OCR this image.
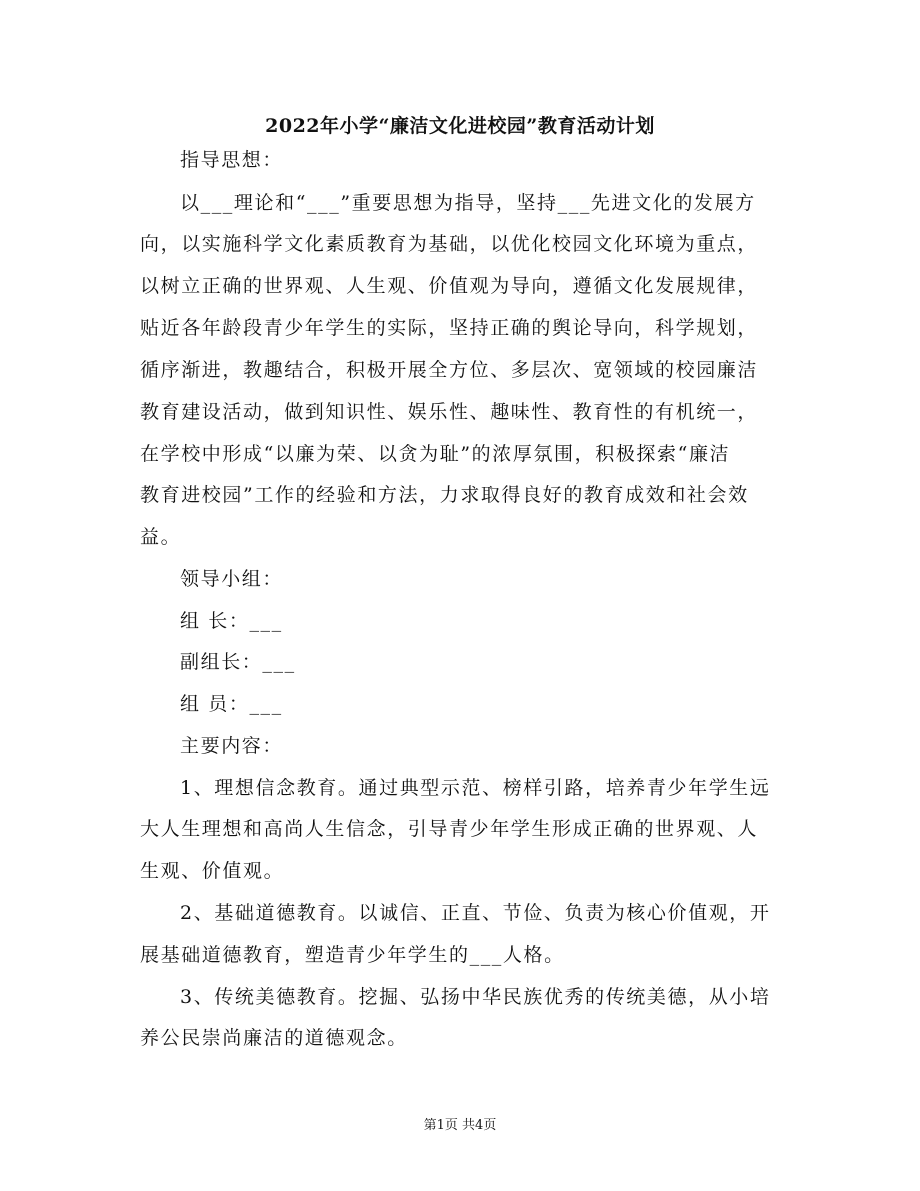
2022年小学“廉洁文化进校园”教育活动计划
指导思想：
以___理论和“___”重要思想为指导，坚持___先进文化的发展方
向，以实施科学文化素质教育为基础，以优化校园文化环境为重点，
以树立正确的世界观、人生观、价值观为导向，遵循文化发展规律，
贴近各年龄段青少年学生的实际，坚持正确的舆论导向，科学规划，
循序渐进，教趣结合，积极开展全方位、多层次、宽领域的校园廉洁
教育建设活动，做到知识性、娱乐性、趣味性、教育性的有机统一，
在学校中形成“以廉为荣、以贪为耻”的浓厚氛围，积极探索“廉洁
教育进校园”工作的经验和方法，力求取得良好的教育成效和社会效
益。
领导小组：
组 长：___
副组长：___
组 员：___
主要内容：
1、理想信念教育。通过典型示范、榜样引路，培养青少年学生远
大人生理想和高尚人生信念，引导青少年学生形成正确的世界观、人
生观、价值观。
2、基础道德教育。以诚信、正直、节俭、负责为核心价值观，开
展基础道德教育，塑造青少年学生的___人格。
3、传统美德教育。挖掘、弘扬中华民族优秀的传统美德，从小培
养公民崇尚廉洁的道德观念。
第1页 共4页
